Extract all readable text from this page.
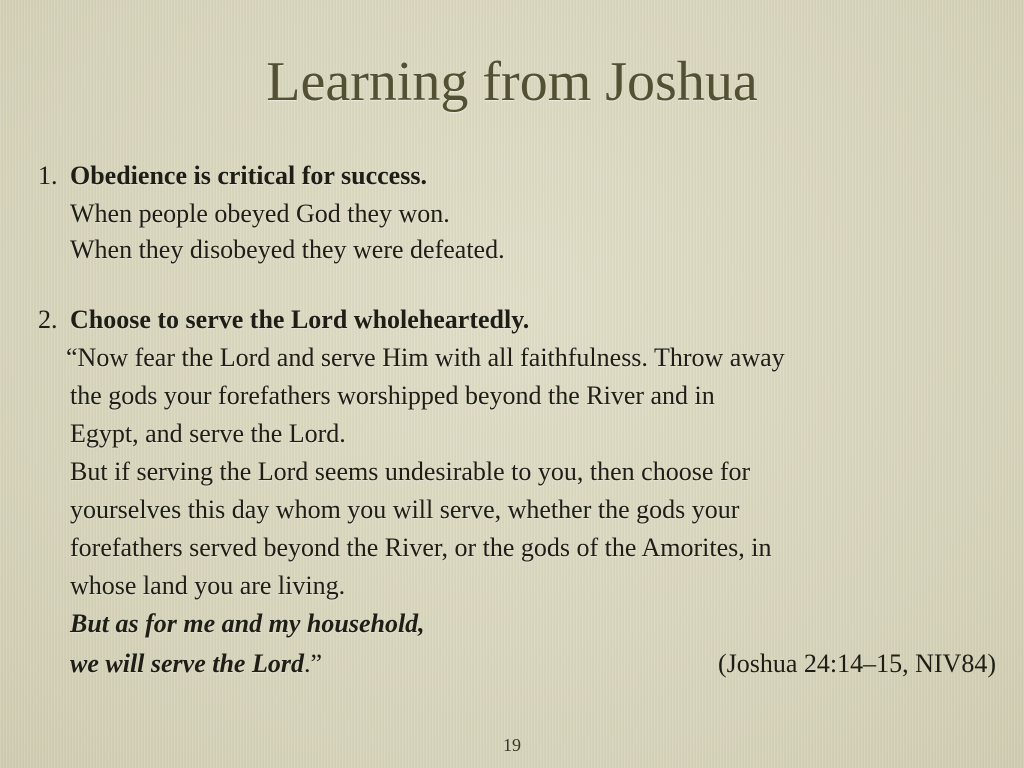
Learning from Joshua
1. Obedience is critical for success.
When people obeyed God they won.
When they disobeyed they were defeated.
2. Choose to serve the Lord wholeheartedly.
“Now fear the Lord and serve Him with all faithfulness. Throw away
the gods your forefathers worshipped beyond the River and in
Egypt, and serve the Lord.
But if serving the Lord seems undesirable to you, then choose for
yourselves this day whom you will serve, whether the gods your
forefathers served beyond the River, or the gods of the Amorites, in
whose land you are living.
But as for me and my household,
we will serve the Lord.”	(Joshua 24:14–15, NIV84)
19
